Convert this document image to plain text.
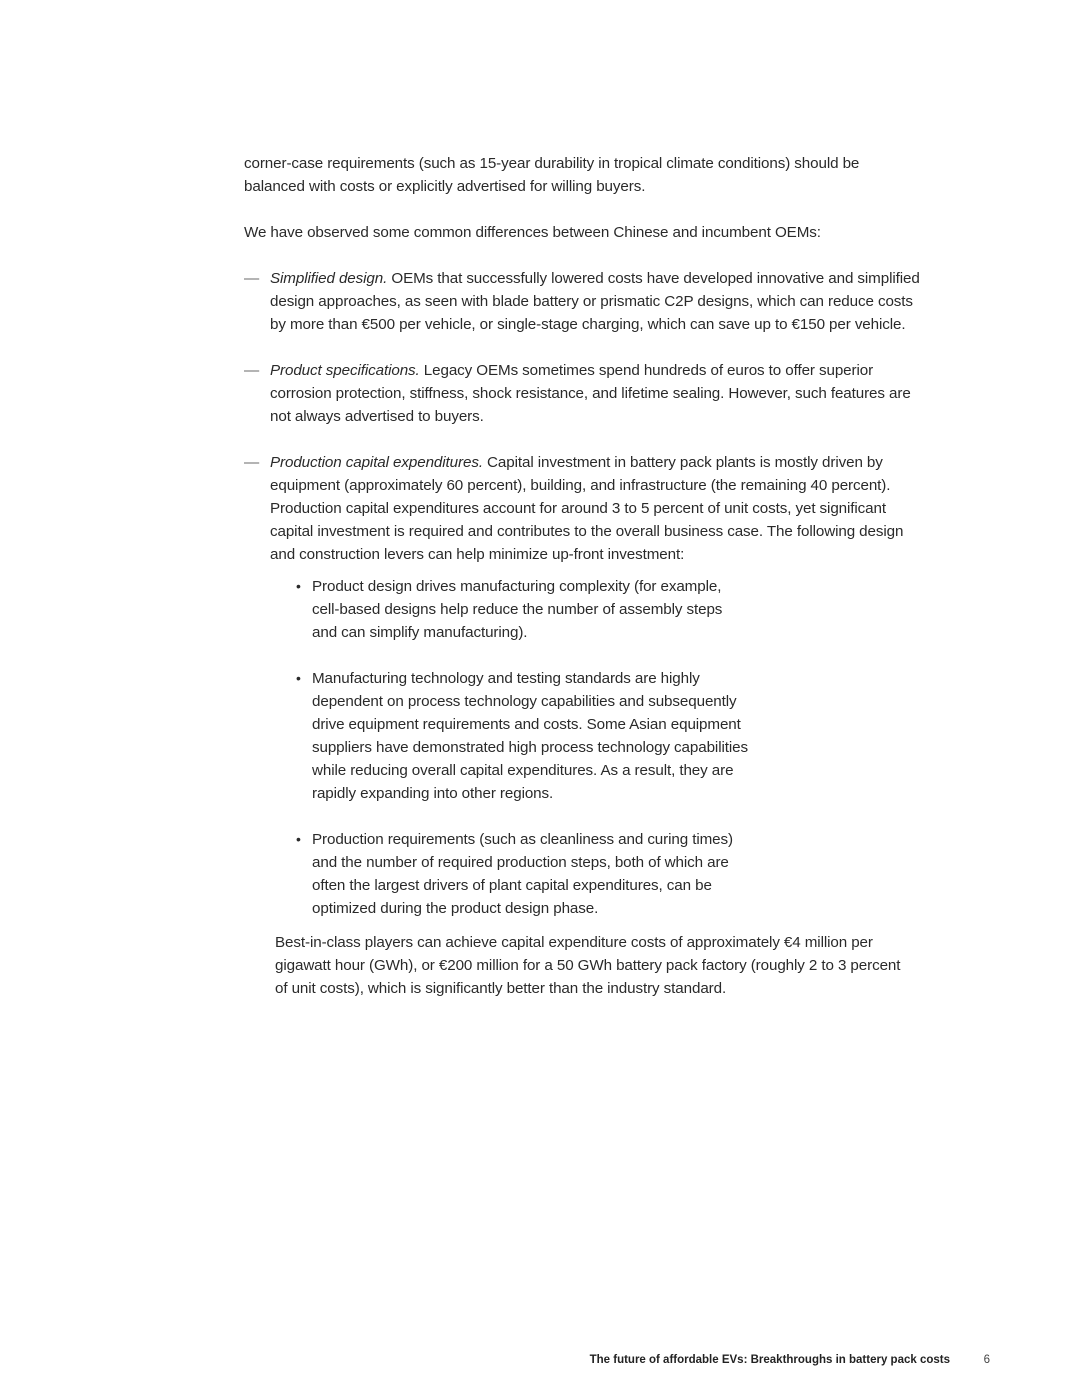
corner-case requirements (such as 15-year durability in tropical climate conditions) should be balanced with costs or explicitly advertised for willing buyers.

We have observed some common differences between Chinese and incumbent OEMs:

— Simplified design. OEMs that successfully lowered costs have developed innovative and simplified design approaches, as seen with blade battery or prismatic C2P designs, which can reduce costs by more than €500 per vehicle, or single-stage charging, which can save up to €150 per vehicle.
— Product specifications. Legacy OEMs sometimes spend hundreds of euros to offer superior corrosion protection, stiffness, shock resistance, and lifetime sealing. However, such features are not always advertised to buyers.
— Production capital expenditures. Capital investment in battery pack plants is mostly driven by equipment (approximately 60 percent), building, and infrastructure (the remaining 40 percent). Production capital expenditures account for around 3 to 5 percent of unit costs, yet significant capital investment is required and contributes to the overall business case. The following design and construction levers can help minimize up-front investment:
• Product design drives manufacturing complexity (for example, cell-based designs help reduce the number of assembly steps and can simplify manufacturing).
• Manufacturing technology and testing standards are highly dependent on process technology capabilities and subsequently drive equipment requirements and costs. Some Asian equipment suppliers have demonstrated high process technology capabilities while reducing overall capital expenditures. As a result, they are rapidly expanding into other regions.
• Production requirements (such as cleanliness and curing times) and the number of required production steps, both of which are often the largest drivers of plant capital expenditures, can be optimized during the product design phase.

Best-in-class players can achieve capital expenditure costs of approximately €4 million per gigawatt hour (GWh), or €200 million for a 50 GWh battery pack factory (roughly 2 to 3 percent of unit costs), which is significantly better than the industry standard.

The future of affordable EVs: Breakthroughs in battery pack costs	6
